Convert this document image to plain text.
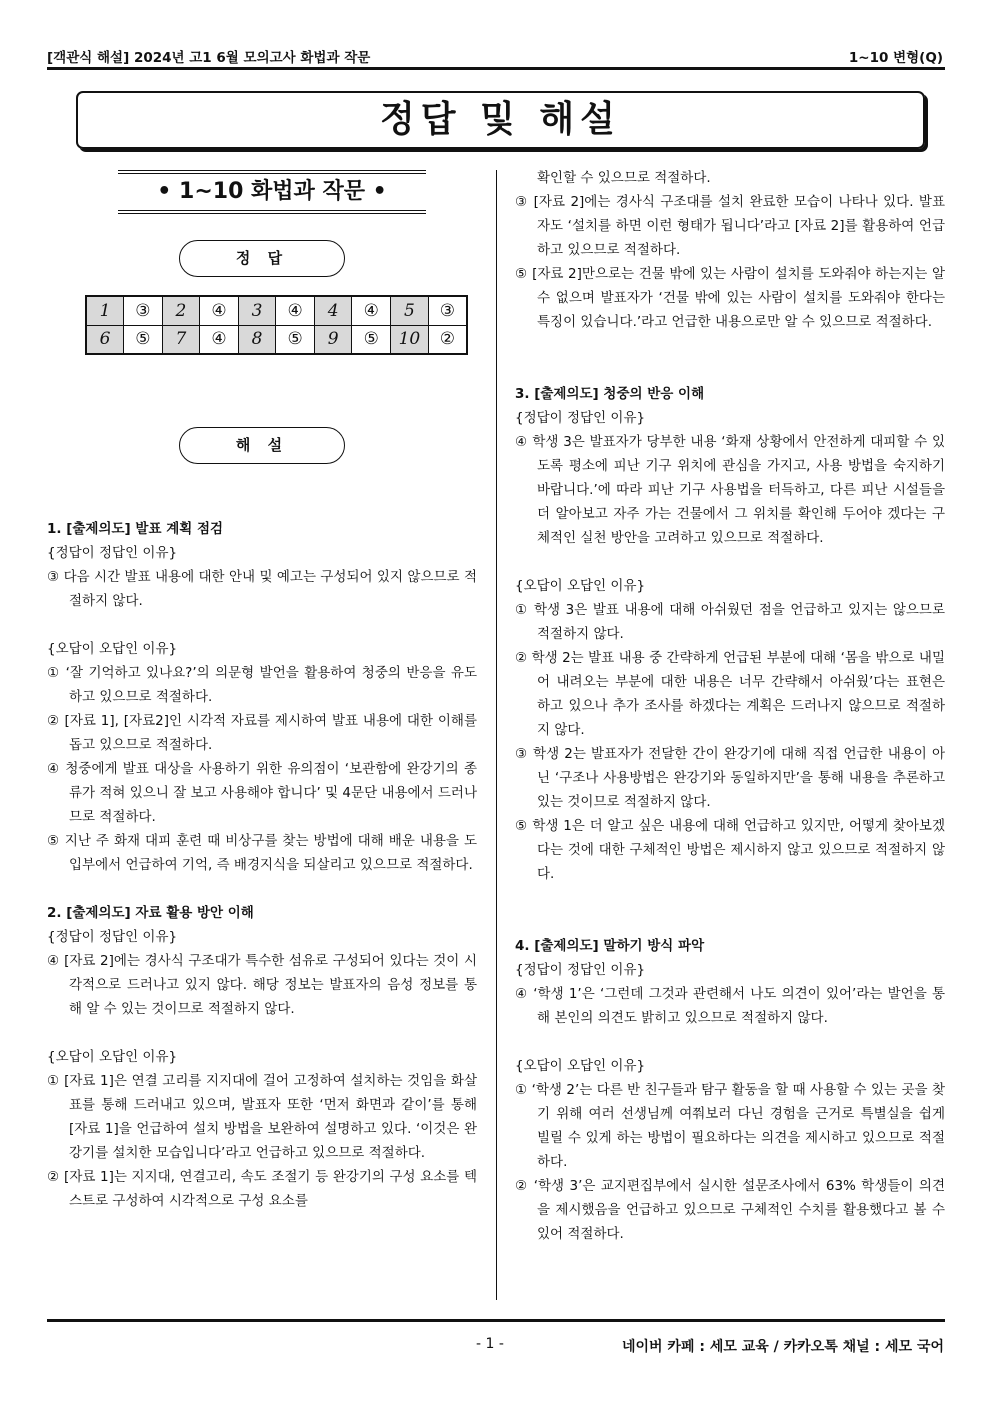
[객관식 해설] 2024년 고1 6월 모의고사 화법과 작문	1~10 변형(Q)
정답 및 해설
• 1~10 화법과 작문 •
정 답
1	③	2	④	3	④	4	④	5	③
6	⑤	7	④	8	⑤	9	⑤	10	②
해 설

1. [출제의도] 발표 계획 점검

{정답이 정답인 이유}

③ 다음 시간 발표 내용에 대한 안내 및 예고는 구성되어 있지 않으므로 적절하지 않다.

{오답이 오답인 이유}

① ‘잘 기억하고 있나요?’의 의문형 발언을 활용하여 청중의 반응을 유도하고 있으므로 적절하다.

② [자료 1], [자료2]인 시각적 자료를 제시하여 발표 내용에 대한 이해를 돕고 있으므로 적절하다.

④ 청중에게 발표 대상을 사용하기 위한 유의점이 ‘보관함에 완강기의 종류가 적혀 있으니 잘 보고 사용해야 합니다’ 및 4문단 내용에서 드러나므로 적절하다.

⑤ 지난 주 화재 대피 훈련 때 비상구를 찾는 방법에 대해 배운 내용을 도입부에서 언급하여 기억, 즉 배경지식을 되살리고 있으므로 적절하다.

2. [출제의도] 자료 활용 방안 이해

{정답이 정답인 이유}

④ [자료 2]에는 경사식 구조대가 특수한 섬유로 구성되어 있다는 것이 시각적으로 드러나고 있지 않다. 해당 정보는 발표자의 음성 정보를 통해 알 수 있는 것이므로 적절하지 않다.

{오답이 오답인 이유}

① [자료 1]은 연결 고리를 지지대에 걸어 고정하여 설치하는 것임을 화살표를 통해 드러내고 있으며, 발표자 또한 ‘먼저 화면과 같이’를 통해 [자료 1]을 언급하여 설치 방법을 보완하여 설명하고 있다. ‘이것은 완강기를 설치한 모습입니다’라고 언급하고 있으므로 적절하다.

② [자료 1]는 지지대, 연결고리, 속도 조절기 등 완강기의 구성 요소를 텍스트로 구성하여 시각적으로 구성 요소를

확인할 수 있으므로 적절하다.

③ [자료 2]에는 경사식 구조대를 설치 완료한 모습이 나타나 있다. 발표자도 ‘설치를 하면 이런 형태가 됩니다’라고 [자료 2]를 활용하여 언급하고 있으므로 적절하다.

⑤ [자료 2]만으로는 건물 밖에 있는 사람이 설치를 도와줘야 하는지는 알수 없으며 발표자가 ‘건물 밖에 있는 사람이 설치를 도와줘야 한다는 특징이 있습니다.’라고 언급한 내용으로만 알 수 있으므로 적절하다.

3. [출제의도] 청중의 반응 이해

{정답이 정답인 이유}

④ 학생 3은 발표자가 당부한 내용 ‘화재 상황에서 안전하게 대피할 수 있도록 평소에 피난 기구 위치에 관심을 가지고, 사용 방법을 숙지하기 바랍니다.’에 따라 피난 기구 사용법을 터득하고, 다른 피난 시설들을 더 알아보고 자주 가는 건물에서 그 위치를 확인해 두어야 겠다는 구체적인 실천 방안을 고려하고 있으므로 적절하다.

{오답이 오답인 이유}

① 학생 3은 발표 내용에 대해 아쉬웠던 점을 언급하고 있지는 않으므로 적절하지 않다.

② 학생 2는 발표 내용 중 간략하게 언급된 부분에 대해 ‘몸을 밖으로 내밀어 내려오는 부분에 대한 내용은 너무 간략해서 아쉬웠’다는 표현은 하고 있으나 추가 조사를 하겠다는 계획은 드러나지 않으므로 적절하지 않다.

③ 학생 2는 발표자가 전달한 간이 완강기에 대해 직접 언급한 내용이 아닌 ‘구조나 사용방법은 완강기와 동일하지만’을 통해 내용을 추론하고 있는 것이므로 적절하지 않다.

⑤ 학생 1은 더 알고 싶은 내용에 대해 언급하고 있지만, 어떻게 찾아보겠다는 것에 대한 구체적인 방법은 제시하지 않고 있으므로 적절하지 않다.

4. [출제의도] 말하기 방식 파악

{정답이 정답인 이유}

④ ‘학생 1’은 ‘그런데 그것과 관련해서 나도 의견이 있어’라는 발언을 통해 본인의 의견도 밝히고 있으므로 적절하지 않다.

{오답이 오답인 이유}

① ‘학생 2’는 다른 반 친구들과 탐구 활동을 할 때 사용할 수 있는 곳을 찾기 위해 여러 선생님께 여쭤보러 다닌 경험을 근거로 특별실을 쉽게 빌릴 수 있게 하는 방법이 필요하다는 의견을 제시하고 있으므로 적절하다.

② ‘학생 3’은 교지편집부에서 실시한 설문조사에서 63% 학생들이 의견을 제시했음을 언급하고 있으므로 구체적인 수치를 활용했다고 볼 수 있어 적절하다.

- 1 -	네이버 카페 : 세모 교육 / 카카오톡 채널 : 세모 국어
